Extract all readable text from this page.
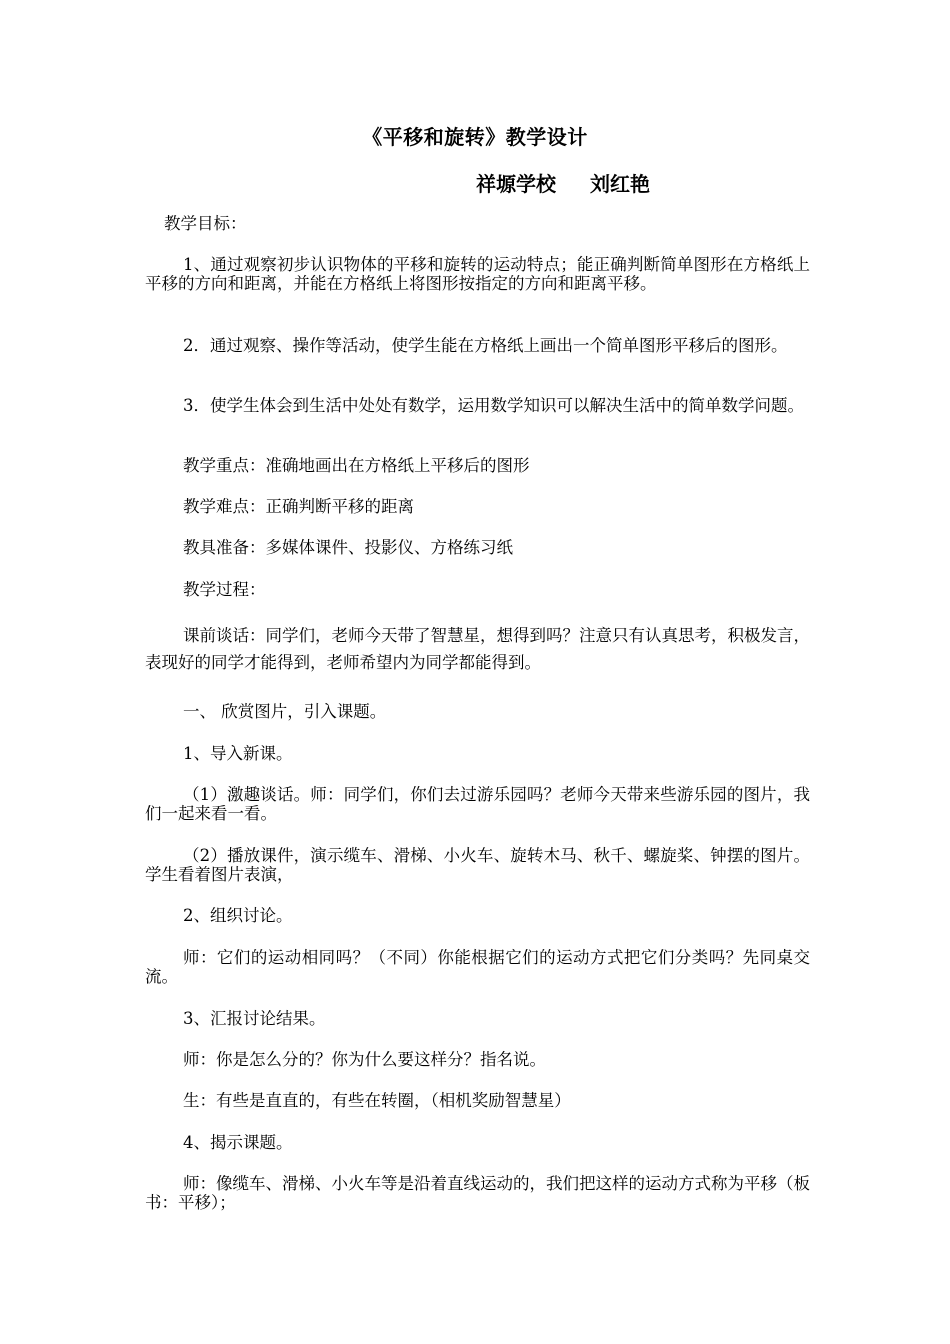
《平移和旋转》教学设计
祥塬学校 刘红艳
教学目标：
1、通过观察初步认识物体的平移和旋转的运动特点；能正确判断简单图形在方格纸上平移的方向和距离，并能在方格纸上将图形按指定的方向和距离平移。
2．通过观察、操作等活动，使学生能在方格纸上画出一个简单图形平移后的图形。
3．使学生体会到生活中处处有数学，运用数学知识可以解决生活中的简单数学问题。
教学重点：准确地画出在方格纸上平移后的图形
教学难点：正确判断平移的距离
教具准备：多媒体课件、投影仪、方格练习纸
教学过程：
课前谈话：同学们，老师今天带了智慧星，想得到吗？注意只有认真思考，积极发言，表现好的同学才能得到，老师希望内为同学都能得到。
一、 欣赏图片，引入课题。
1、导入新课。
（1）激趣谈话。师：同学们，你们去过游乐园吗？老师今天带来些游乐园的图片，我们一起来看一看。
（2）播放课件，演示缆车、滑梯、小火车、旋转木马、秋千、螺旋桨、钟摆的图片。学生看着图片表演，
2、组织讨论。
师：它们的运动相同吗？（不同）你能根据它们的运动方式把它们分类吗？先同桌交流。
3、汇报讨论结果。
师：你是怎么分的？你为什么要这样分？指名说。
生：有些是直直的，有些在转圈，（相机奖励智慧星）
4、揭示课题。
师：像缆车、滑梯、小火车等是沿着直线运动的，我们把这样的运动方式称为平移（板书：平移）；
